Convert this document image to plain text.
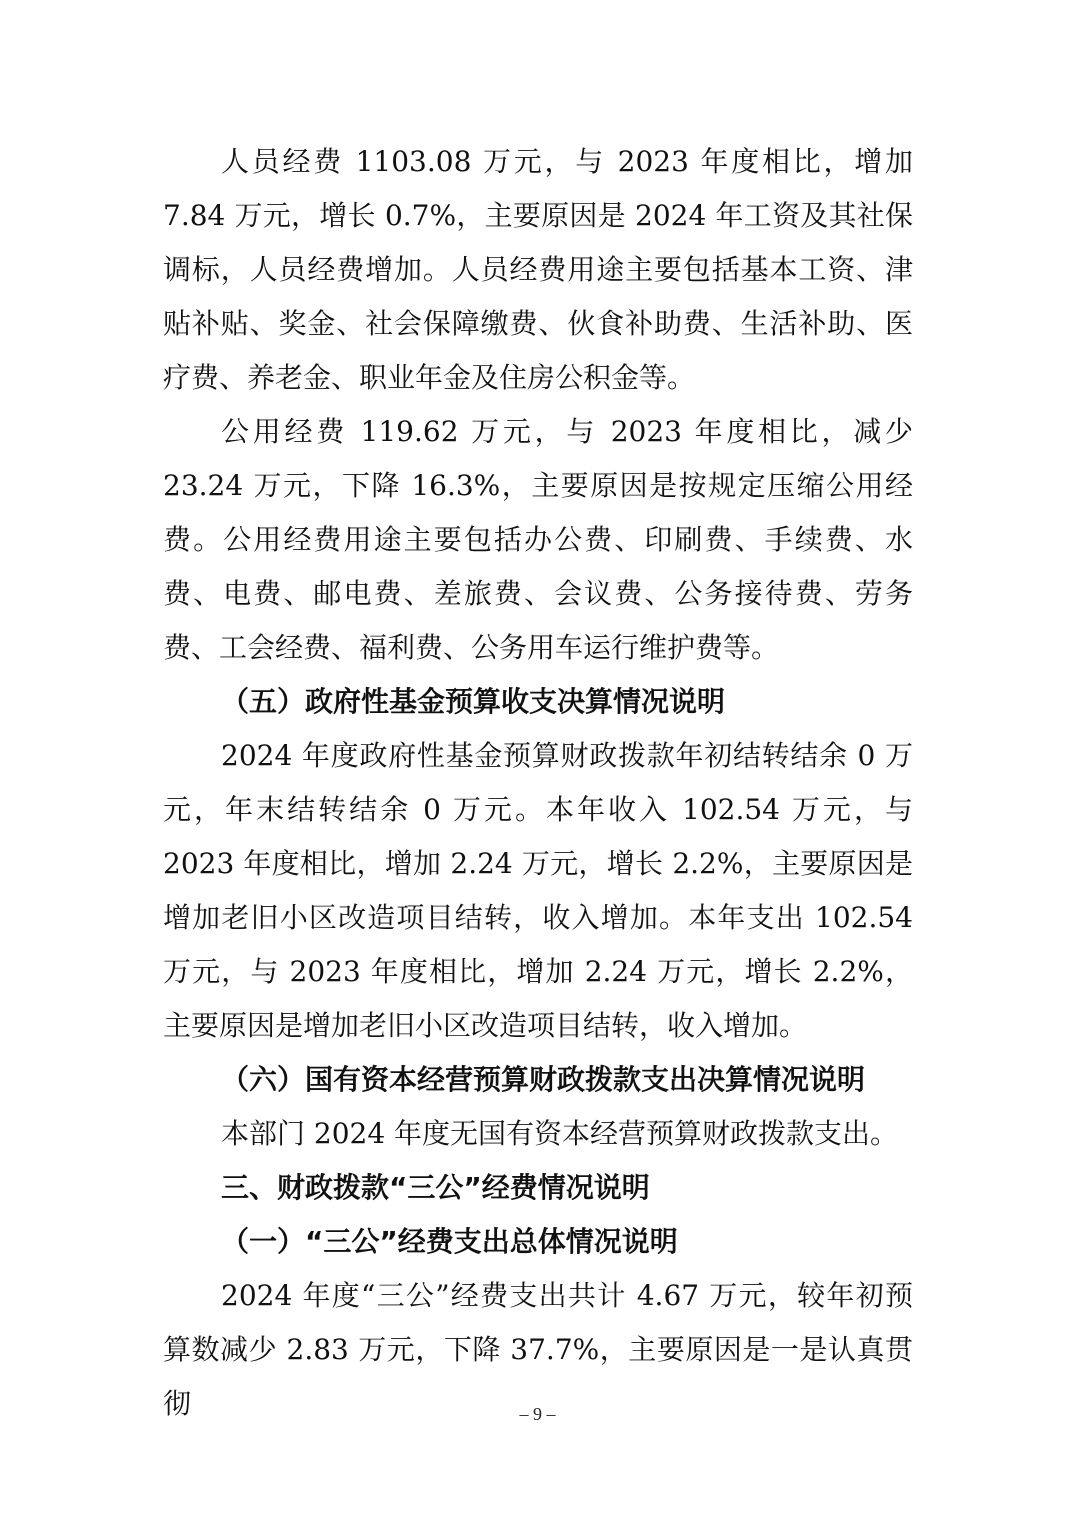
人员经费 1103.08 万元，与 2023 年度相比，增加 7.84 万元，增长 0.7%，主要原因是 2024 年工资及其社保调标，人员经费增加。人员经费用途主要包括基本工资、津贴补贴、奖金、社会保障缴费、伙食补助费、生活补助、医疗费、养老金、职业年金及住房公积金等。

公用经费 119.62 万元，与 2023 年度相比，减少 23.24 万元，下降 16.3%，主要原因是按规定压缩公用经费。公用经费用途主要包括办公费、印刷费、手续费、水费、电费、邮电费、差旅费、会议费、公务接待费、劳务费、工会经费、福利费、公务用车运行维护费等。

（五）政府性基金预算收支决算情况说明

2024 年度政府性基金预算财政拨款年初结转结余 0 万元，年末结转结余 0 万元。本年收入 102.54 万元，与 2023 年度相比，增加 2.24 万元，增长 2.2%，主要原因是增加老旧小区改造项目结转，收入增加。本年支出 102.54 万元，与 2023 年度相比，增加 2.24 万元，增长 2.2%，主要原因是增加老旧小区改造项目结转，收入增加。

（六）国有资本经营预算财政拨款支出决算情况说明

本部门 2024 年度无国有资本经营预算财政拨款支出。

三、财政拨款“三公”经费情况说明

（一）“三公”经费支出总体情况说明

2024 年度“三公”经费支出共计 4.67 万元，较年初预算数减少 2.83 万元，下降 37.7%，主要原因是一是认真贯彻	– 9 –
